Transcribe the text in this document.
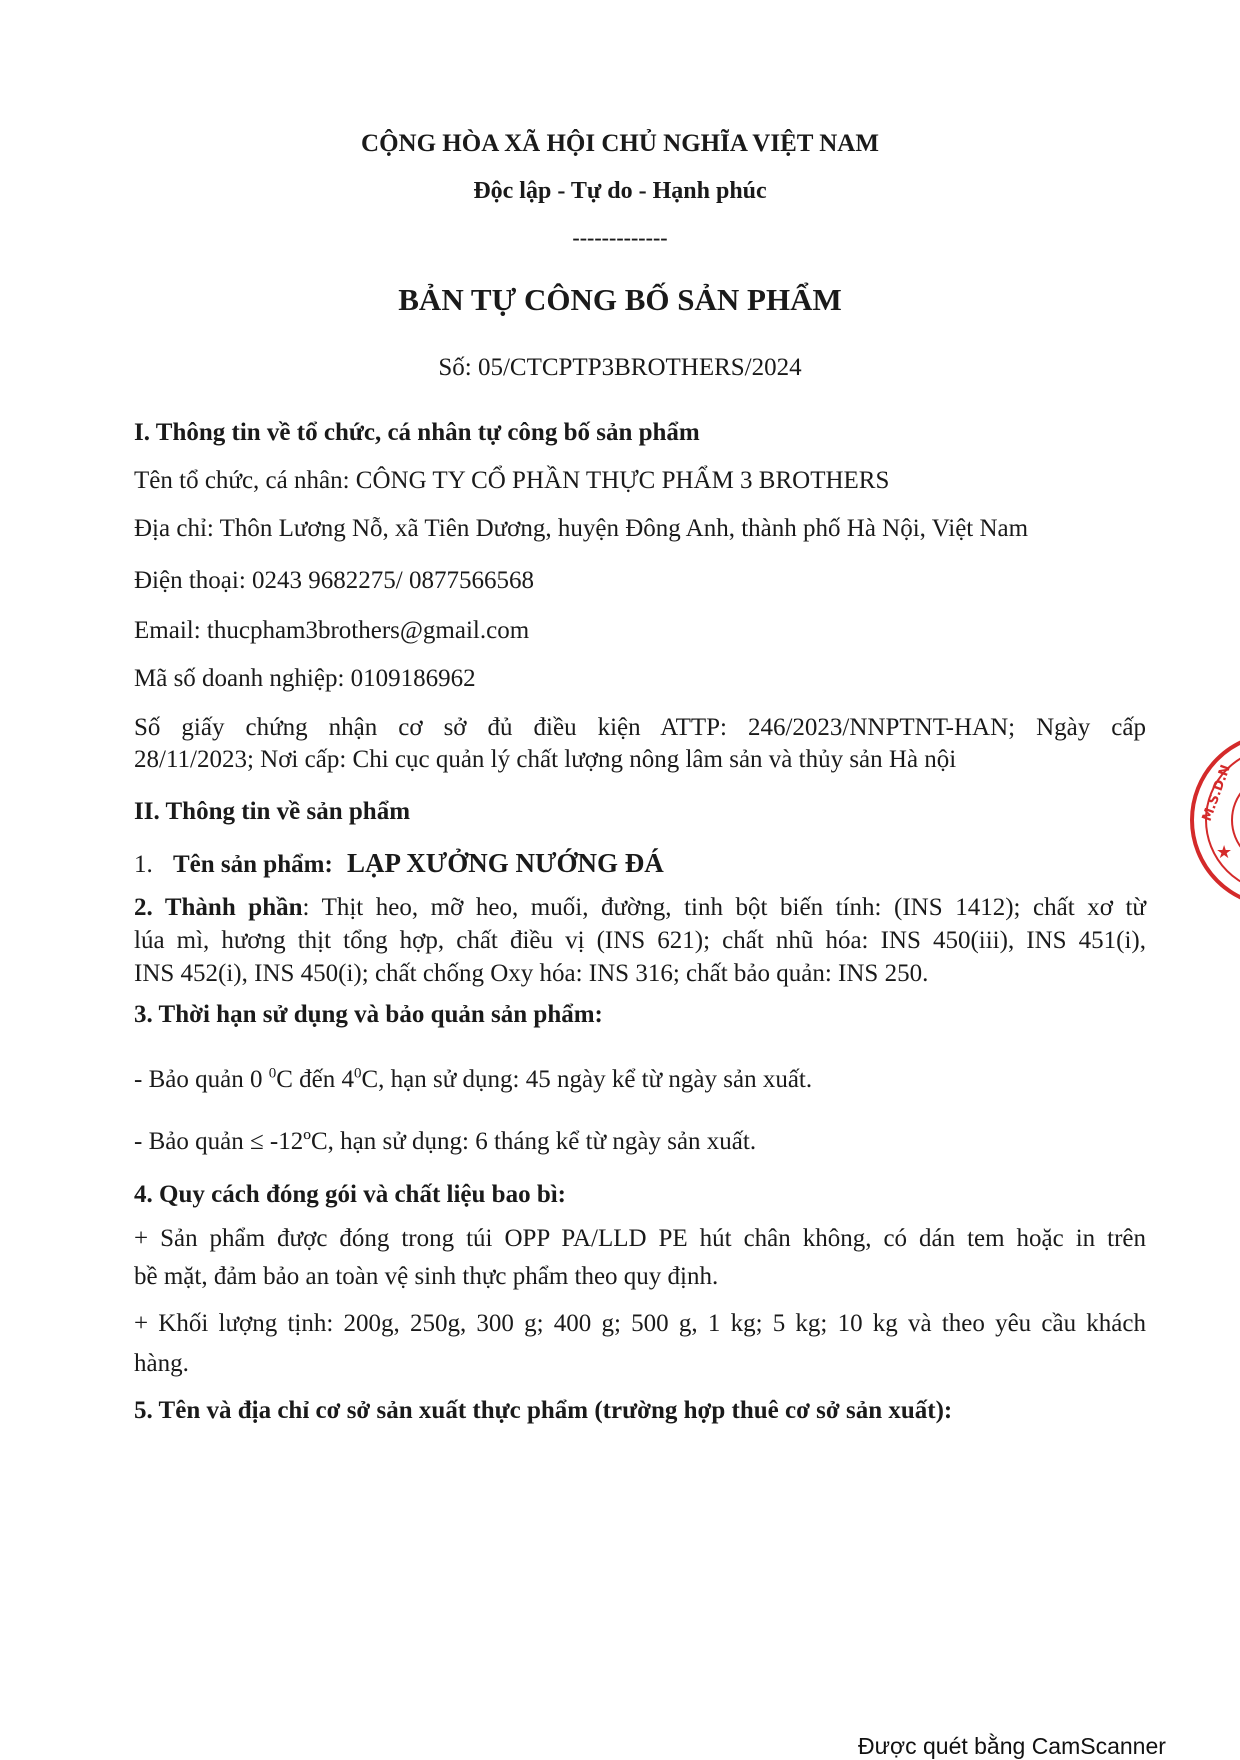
CỘNG HÒA XÃ HỘI CHỦ NGHĨA VIỆT NAM
Độc lập - Tự do - Hạnh phúc
-------------
BẢN TỰ CÔNG BỐ SẢN PHẨM
Số: 05/CTCPTP3BROTHERS/2024
I. Thông tin về tổ chức, cá nhân tự công bố sản phẩm
Tên tổ chức, cá nhân: CÔNG TY CỔ PHẦN THỰC PHẨM 3 BROTHERS
Địa chỉ: Thôn Lương Nỗ, xã Tiên Dương, huyện Đông Anh, thành phố Hà Nội, Việt Nam
Điện thoại: 0243 9682275/ 0877566568
Email: thucpham3brothers@gmail.com
Mã số doanh nghiệp: 0109186962
Số giấy chứng nhận cơ sở đủ điều kiện ATTP: 246/2023/NNPTNT-HAN; Ngày cấp
28/11/2023; Nơi cấp: Chi cục quản lý chất lượng nông lâm sản và thủy sản Hà nội
II. Thông tin về sản phẩm
1. Tên sản phẩm: LẠP XƯỞNG NƯỚNG ĐÁ
2. Thành phần: Thịt heo, mỡ heo, muối, đường, tinh bột biến tính: (INS 1412); chất xơ từ
lúa mì, hương thịt tổng hợp, chất điều vị (INS 621); chất nhũ hóa: INS 450(iii), INS 451(i),
INS 452(i), INS 450(i); chất chống Oxy hóa: INS 316; chất bảo quản: INS 250.
3. Thời hạn sử dụng và bảo quản sản phẩm:
- Bảo quản 0 $^0$C đến $4^0C$, hạn sử dụng: 45 ngày kể từ ngày sản xuất.
- Bảo quản ≤ -12ºC, hạn sử dụng: 6 tháng kể từ ngày sản xuất.
4. Quy cách đóng gói và chất liệu bao bì:
+ Sản phẩm được đóng trong túi OPP PA/LLD PE hút chân không, có dán tem hoặc in trên
bề mặt, đảm bảo an toàn vệ sinh thực phẩm theo quy định.
+ Khối lượng tịnh: 200g, 250g, 300 g; 400 g; 500 g, 1 kg; 5 kg; 10 kg và theo yêu cầu khách
hàng.
5. Tên và địa chỉ cơ sở sản xuất thực phẩm (trường hợp thuê cơ sở sản xuất):
M.S.D.N
★
Được quét bằng CamScanner
